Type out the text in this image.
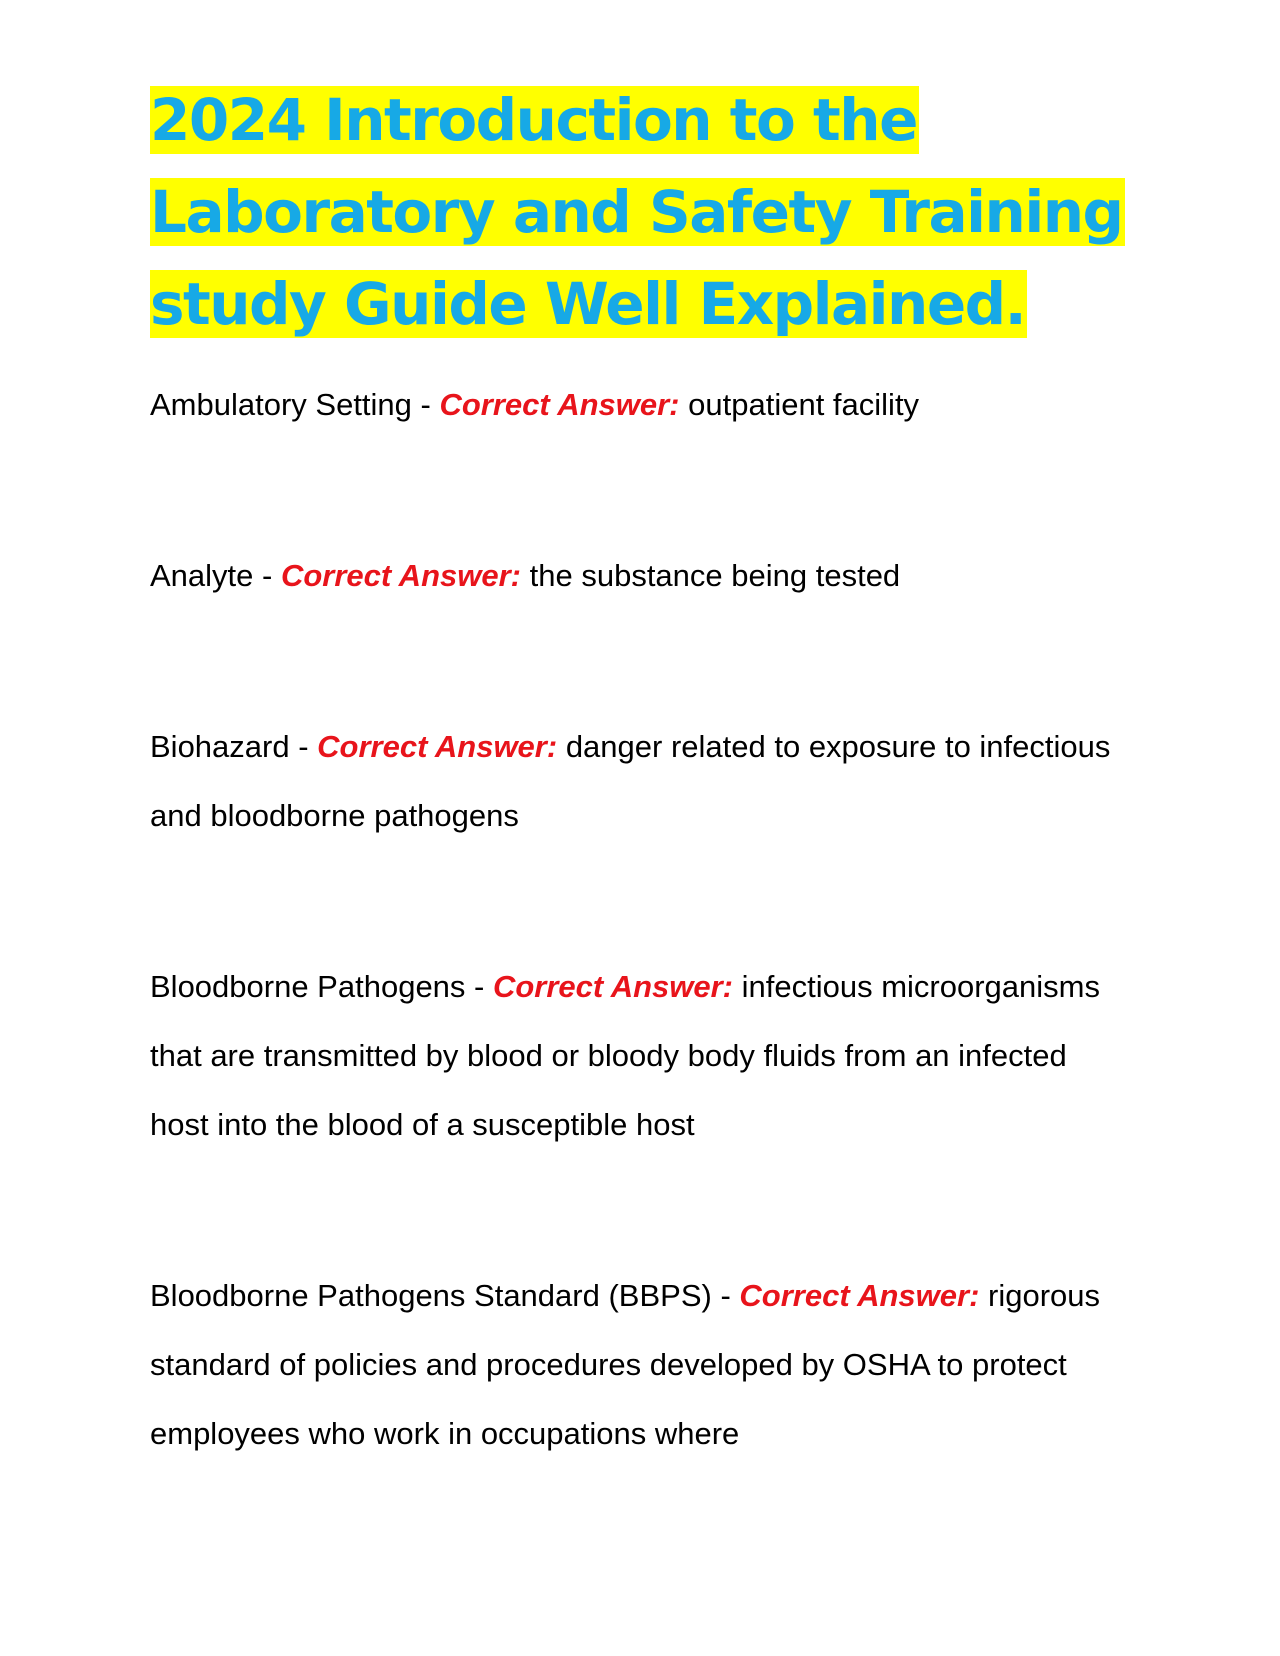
2024 Introduction to the
Laboratory and Safety Training
study Guide Well Explained.

Ambulatory Setting - Correct Answer: outpatient facility

Analyte - Correct Answer: the substance being tested

Biohazard - Correct Answer: danger related to exposure to infectious and bloodborne pathogens

Bloodborne Pathogens - Correct Answer: infectious microorganisms that are transmitted by blood or bloody body fluids from an infected host into the blood of a susceptible host

Bloodborne Pathogens Standard (BBPS) - Correct Answer: rigorous standard of policies and procedures developed by OSHA to protect employees who work in occupations where
